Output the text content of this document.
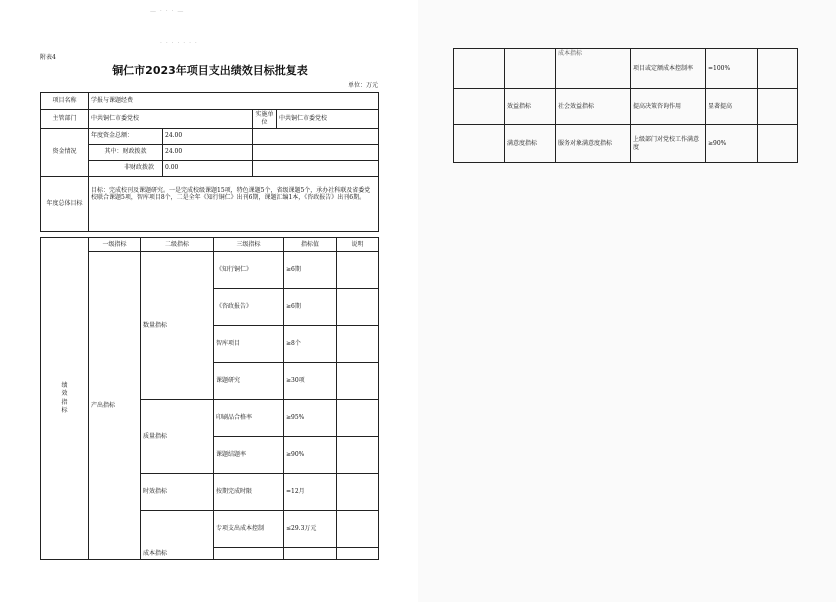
— · · · —
· · · · · · ·
附表4
铜仁市2023年项目支出绩效目标批复表
单位：万元
项目名称	学报与课题经费			
主管部门	中共铜仁市委党校		实施单位	中共铜仁市委党校
资金情况	年度资金总额：	24.00		
	其中：财政拨款	24.00		
	非财政拨款	0.00		
年度总体目标	目标：完成校刊及课题研究。一是完成校级课题15项，特色课题5个，省级课题5个，承办社科联及省委党校联合课题5项，智库项目8个，二是全年《知行铜仁》出刊6期，课题汇编1本，《咨政报告》出刊6期。			
绩效指标	一级指标	二级指标	三级指标	指标值	说明
	产出指标	数量指标	《知行铜仁》	≥6期	
			《咨政报告》	≥6期	
			智库项目	≥8个	
			课题研究	≥30项	
		质量指标	印刷品合格率	≥95%	
			课题结题率	≥90%	
		时效指标	按期完成时限	=12月	
		成本指标	专项支出成本控制	≤29.3万元	

		成本指标	项目或定额成本控制率	=100%	
	效益指标	社会效益指标	提高决策咨询作用	显著提高	
	满意度指标	服务对象满意度指标	上级部门对党校工作满意度	≥90%	
